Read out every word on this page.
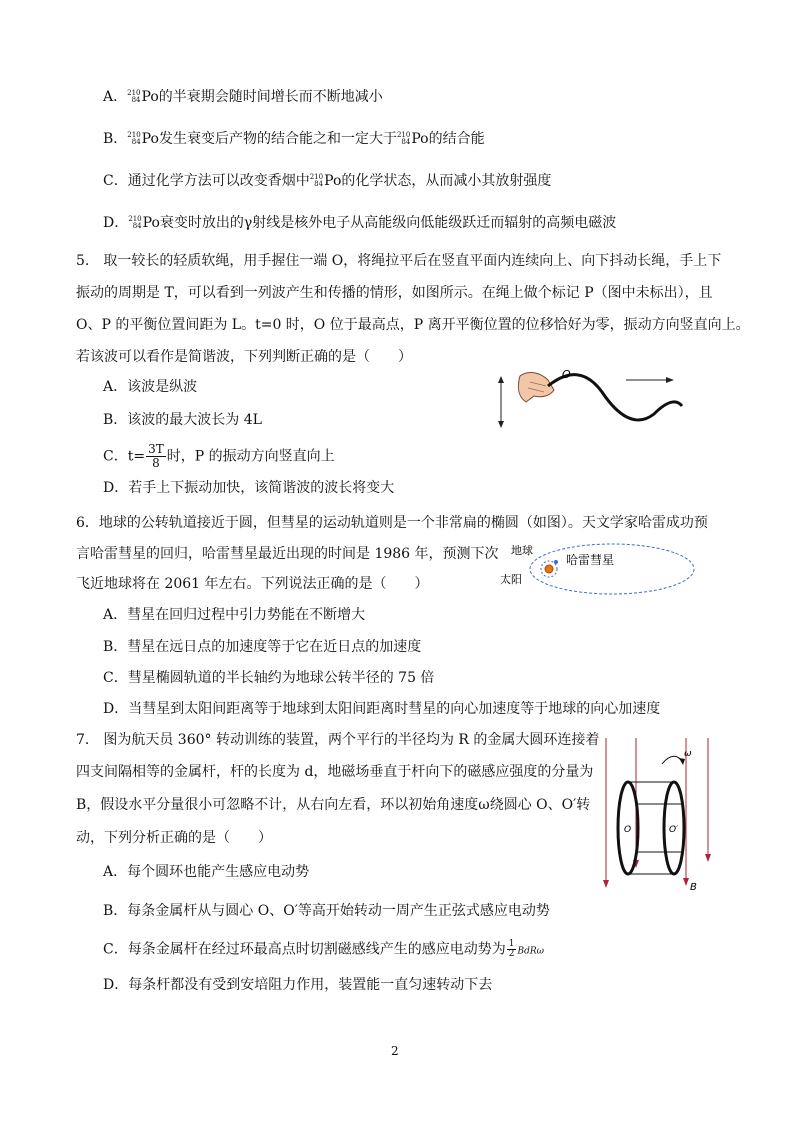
A． 210
84 Po的半衰期会随时间增长而不断地减小
B． 210
84 Po发生衰变后产物的结合能之和一定大于 210
84 Po的结合能
C．通过化学方法可以改变香烟中 210
84 Po的化学状态，从而减小其放射强度
D． 210
84 Po衰变时放出的γ射线是核外电子从高能级向低能级跃迁而辐射的高频电磁波
5.　取一较长的轻质软绳，用手握住一端 O，将绳拉平后在竖直平面内连续向上、向下抖动长绳，手上下
振动的周期是 T，可以看到一列波产生和传播的情形，如图所示。在绳上做个标记 P（图中未标出），且
O、P 的平衡位置间距为 L。t=0 时，O 位于最高点，P 离开平衡位置的位移恰好为零，振动方向竖直向上。
若该波可以看作是简谐波，下列判断正确的是（　　）
A．该波是纵波
B．该波的最大波长为 4L
C．$t= \frac{3T}{8}$ 时，P 的振动方向竖直向上
D．若手上下振动加快，该简谐波的波长将变大
O
6．地球的公转轨道接近于圆，但彗星的运动轨道则是一个非常扁的椭圆（如图）。天文学家哈雷成功预
言哈雷彗星的回归，哈雷彗星最近出现的时间是 1986 年，预测下次
飞近地球将在 2061 年左右。下列说法正确的是（　　）
A．彗星在回归过程中引力势能在不断增大
B．彗星在远日点的加速度等于它在近日点的加速度
C．彗星椭圆轨道的半长轴约为地球公转半径的 75 倍
D．当彗星到太阳间距离等于地球到太阳间距离时彗星的向心加速度等于地球的向心加速度
地球
太阳
哈雷彗星
7.　图为航天员 360° 转动训练的装置，两个平行的半径均为 R 的金属大圆环连接着
四支间隔相等的金属杆，杆的长度为 d，地磁场垂直于杆向下的磁感应强度的分量为
B，假设水平分量很小可忽略不计，从右向左看，环以初始角速度ω绕圆心 O、O′转
动，下列分析正确的是（　　）
A．每个圆环也能产生感应电动势
B．每条金属杆从与圆心 O、O′等高开始转动一周产生正弦式感应电动势
C．每条金属杆在经过环最高点时切割磁感线产生的感应电动势为 $\frac{1}{2}$ BdRω
D．每条杆都没有受到安培阻力作用，装置能一直匀速转动下去
ω
O	O′
B
2
